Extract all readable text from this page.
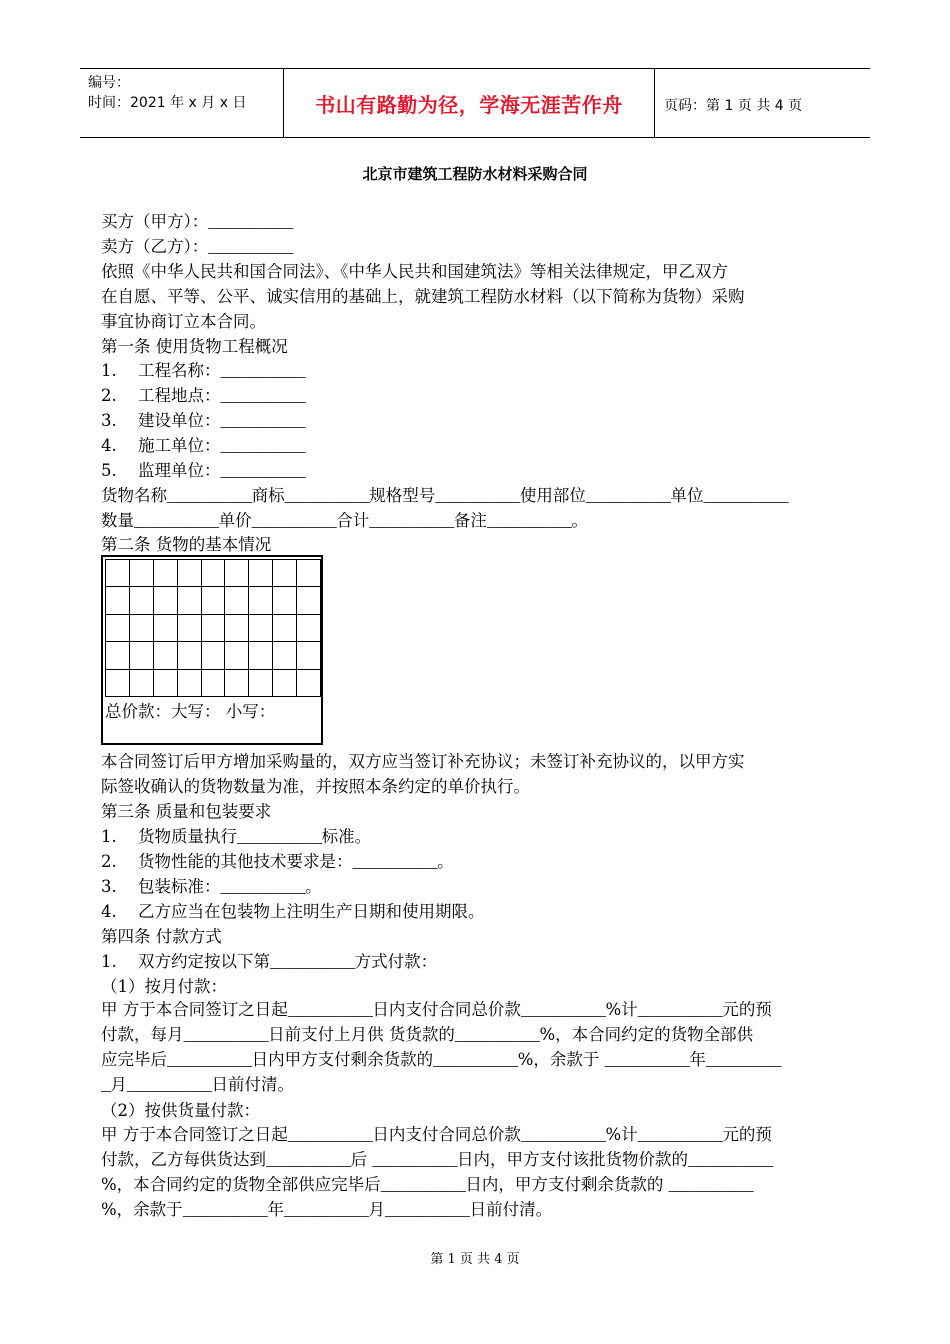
编号：
时间：2021 年 x 月 x 日	书山有路勤为径，学海无涯苦作舟	页码：第 1 页 共 4 页
北京市建筑工程防水材料采购合同
买方（甲方）：_________
卖方（乙方）：_________
依照《中华人民共和国合同法》、《中华人民共和国建筑法》等相关法律规定，甲乙双方
在自愿、平等、公平、诚实信用的基础上，就建筑工程防水材料（以下简称为货物）采购
事宜协商订立本合同。
第一条 使用货物工程概况
1. 工程名称：_________
2. 工程地点：_________
3. 建设单位：_________
4. 施工单位：_________
5. 监理单位：_________
货物名称_________商标_________规格型号_________使用部位_________单位_________
数量_________单价_________合计_________备注_________。
第二条 货物的基本情况
总价款：大写： 小写：
本合同签订后甲方增加采购量的，双方应当签订补充协议；未签订补充协议的，以甲方实
际签收确认的货物数量为准，并按照本条约定的单价执行。
第三条 质量和包装要求
1. 货物质量执行_________标准。
2. 货物性能的其他技术要求是：_________。
3. 包装标准：_________。
4. 乙方应当在包装物上注明生产日期和使用期限。
第四条 付款方式
1. 双方约定按以下第_________方式付款：
（1）按月付款：
甲 方于本合同签订之日起_________日内支付合同总价款_________%计_________元的预
付款，每月_________日前支付上月供 货货款的_________%，本合同约定的货物全部供
应完毕后_________日内甲方支付剩余货款的_________%，余款于 _________年________
_月_________日前付清。
（2）按供货量付款：
甲 方于本合同签订之日起_________日内支付合同总价款_________%计_________元的预
付款，乙方每供货达到_________后 _________日内，甲方支付该批货物价款的_________
%，本合同约定的货物全部供应完毕后_________日内，甲方支付剩余货款的 _________
%，余款于_________年_________月_________日前付清。
第 1 页 共 4 页
